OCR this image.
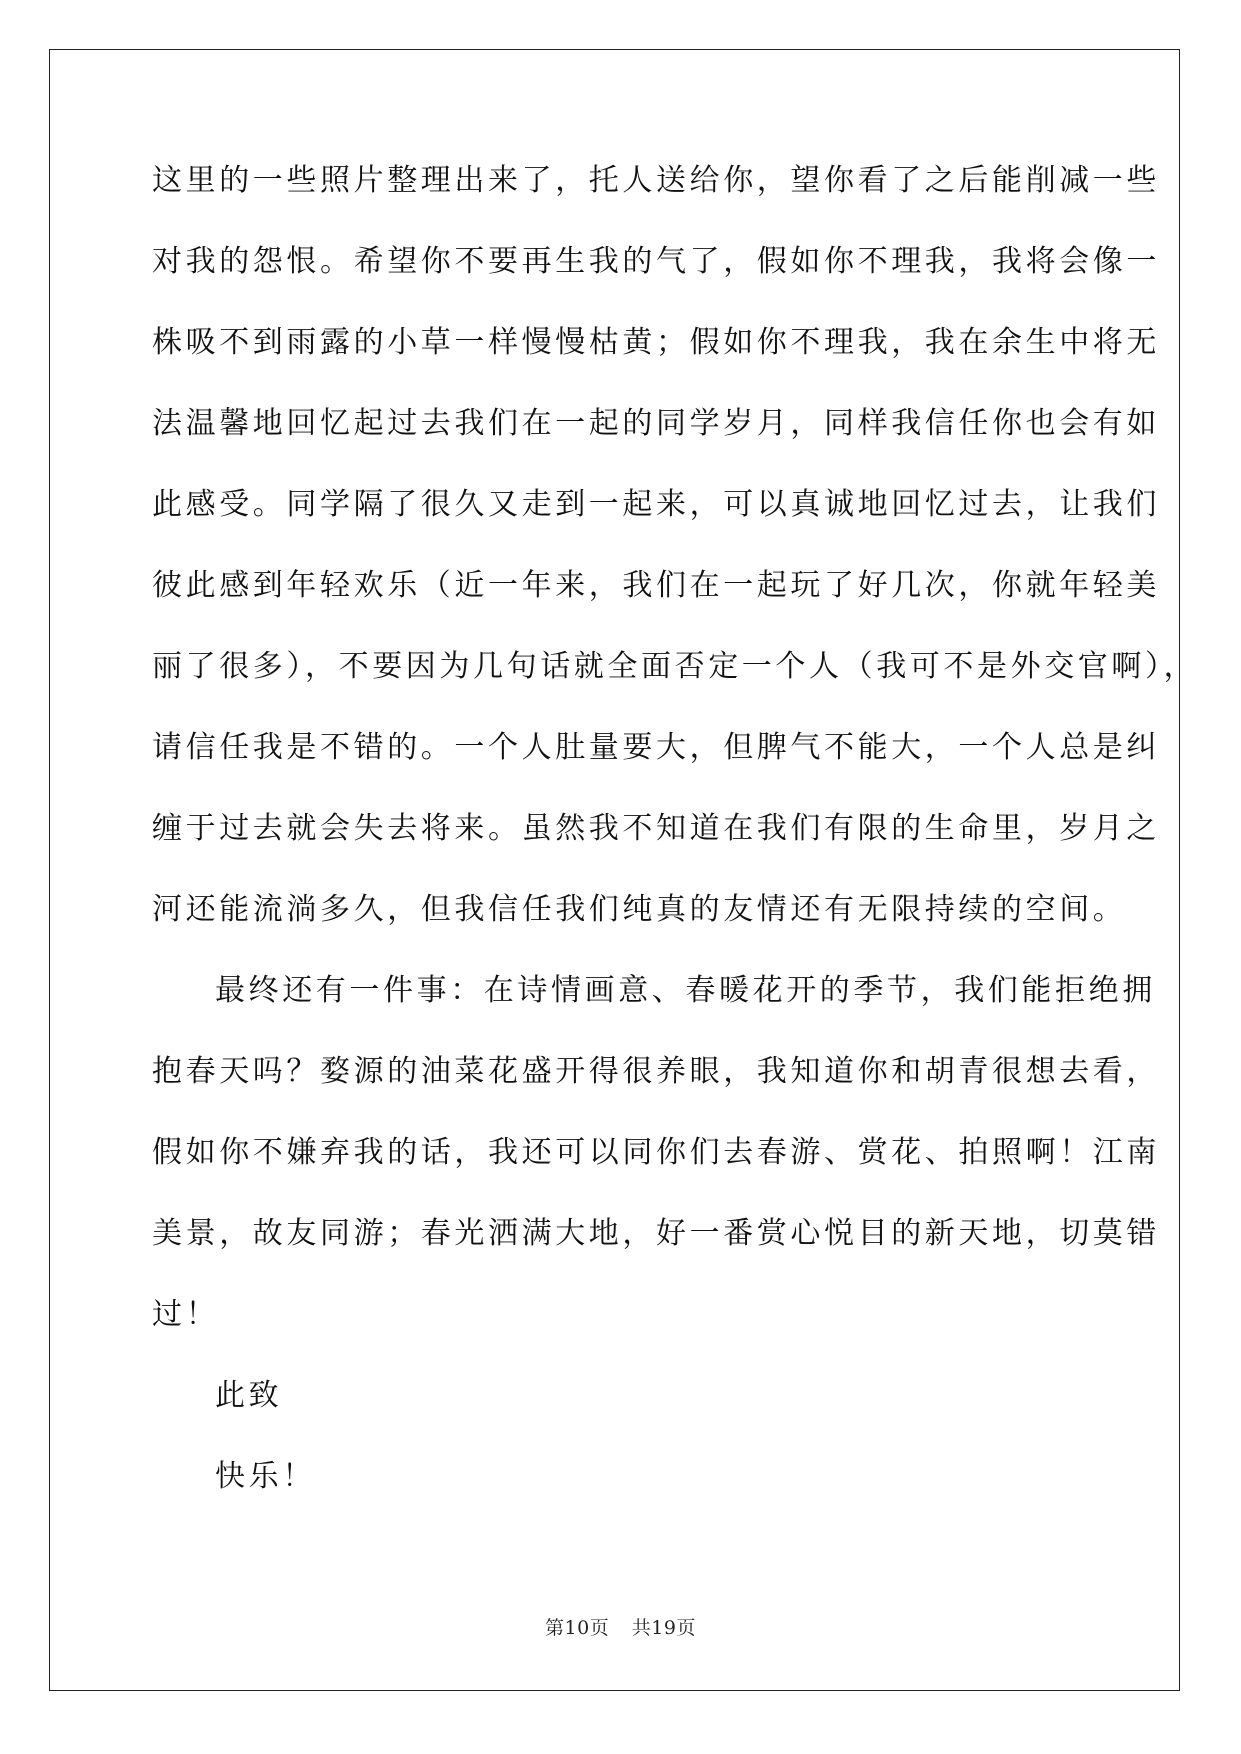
这里的一些照片整理出来了，托人送给你，望你看了之后能削减一些
对我的怨恨。希望你不要再生我的气了，假如你不理我，我将会像一
株吸不到雨露的小草一样慢慢枯黄；假如你不理我，我在余生中将无
法温馨地回忆起过去我们在一起的同学岁月，同样我信任你也会有如
此感受。同学隔了很久又走到一起来，可以真诚地回忆过去，让我们
彼此感到年轻欢乐（近一年来，我们在一起玩了好几次，你就年轻美
丽了很多），不要因为几句话就全面否定一个人（我可不是外交官啊），
请信任我是不错的。一个人肚量要大，但脾气不能大，一个人总是纠
缠于过去就会失去将来。虽然我不知道在我们有限的生命里，岁月之
河还能流淌多久，但我信任我们纯真的友情还有无限持续的空间。
最终还有一件事：在诗情画意、春暖花开的季节，我们能拒绝拥
抱春天吗？婺源的油菜花盛开得很养眼，我知道你和胡青很想去看，
假如你不嫌弃我的话，我还可以同你们去春游、赏花、拍照啊！江南
美景，故友同游；春光洒满大地，好一番赏心悦目的新天地，切莫错
过！
此致
快乐！
第10页 共19页
